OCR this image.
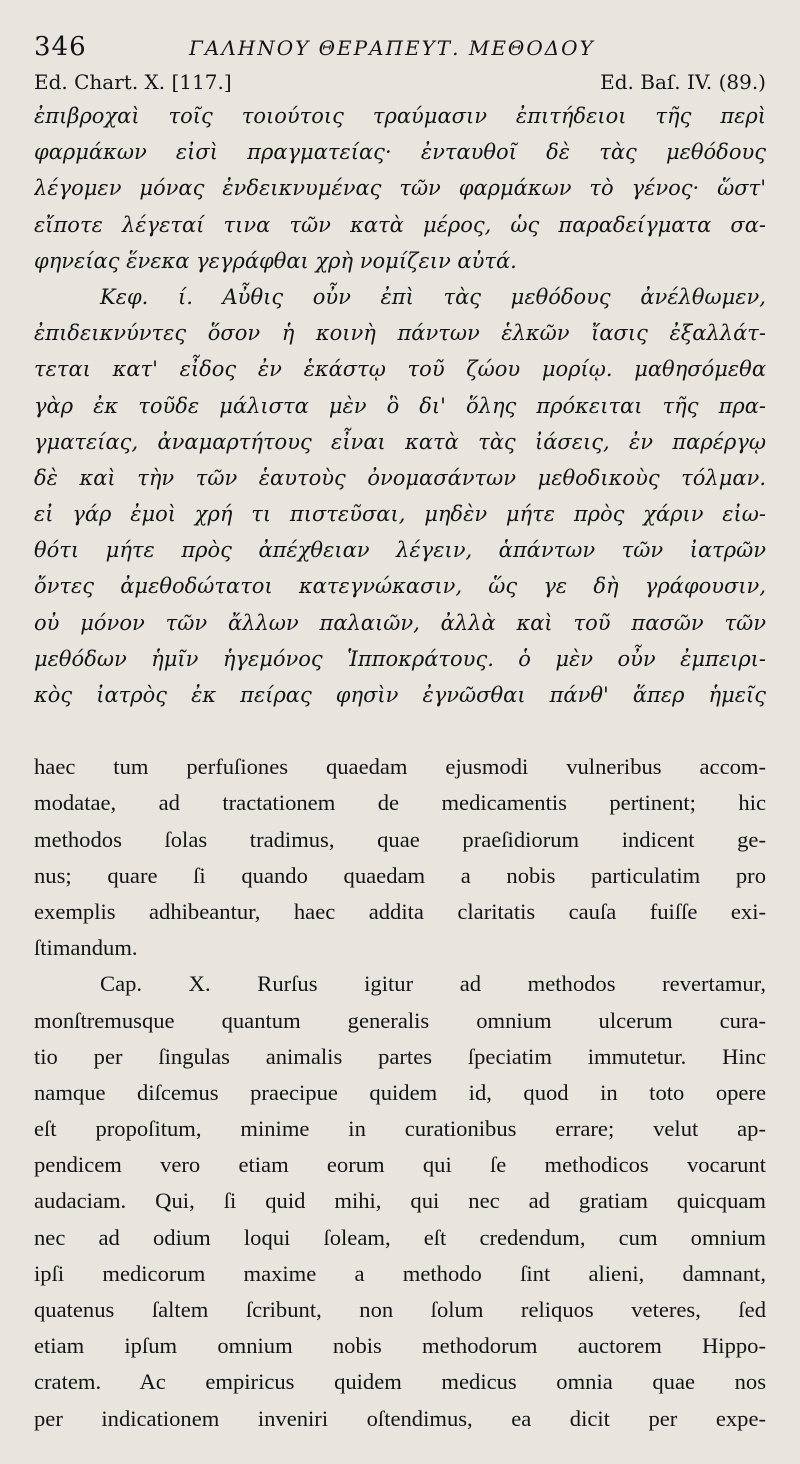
346	ΓΑΛΗΝΟΥ ΘΕΡΑΠΕΥΤ. ΜΕΘΟΔΟΥ
Ed. Chart. X. [117.]	Ed. Baſ. IV. (89.)
ἐπιβροχαὶ τοῖς τοιούτοις τραύμασιν ἐπιτήδειοι τῆς περὶ
φαρμάκων εἰσὶ πραγματείας· ἐνταυθοῖ δὲ τὰς μεθόδους
λέγομεν μόνας ἐνδεικνυμένας τῶν φαρμάκων τὸ γένος· ὥστ'
εἴποτε λέγεταί τινα τῶν κατὰ μέρος, ὡς παραδείγματα σα-
φηνείας ἕνεκα γεγράφθαι χρὴ νομίζειν αὐτά.
Κεφ. ί. Αὖθις οὖν ἐπὶ τὰς μεθόδους ἀνέλθωμεν,
ἐπιδεικνύντες ὅσον ἡ κοινὴ πάντων ἑλκῶν ἴασις ἐξαλλάτ-
τεται κατ' εἶδος ἐν ἑκάστῳ τοῦ ζώου μορίῳ. μαθησόμεθα
γὰρ ἐκ τοῦδε μάλιστα μὲν ὃ δι' ὅλης πρόκειται τῆς πρα-
γματείας, ἀναμαρτήτους εἶναι κατὰ τὰς ἰάσεις, ἐν παρέργῳ
δὲ καὶ τὴν τῶν ἑαυτοὺς ὀνομασάντων μεθοδικοὺς τόλμαν.
εἰ γάρ ἐμοὶ χρή τι πιστεῦσαι, μηδὲν μήτε πρὸς χάριν εἰω-
θότι μήτε πρὸς ἀπέχθειαν λέγειν, ἁπάντων τῶν ἰατρῶν
ὄντες ἀμεθοδώτατοι κατεγνώκασιν, ὥς γε δὴ γράφουσιν,
οὐ μόνον τῶν ἄλλων παλαιῶν, ἀλλὰ καὶ τοῦ πασῶν τῶν
μεθόδων ἡμῖν ἡγεμόνος Ἱπποκράτους. ὁ μὲν οὖν ἐμπειρι-
κὸς ἰατρὸς ἐκ πείρας φησὶν ἐγνῶσθαι πάνθ' ἅπερ ἡμεῖς
haec tum perfuſiones quaedam ejusmodi vulneribus accom-
modatae, ad tractationem de medicamentis pertinent; hic
methodos ſolas tradimus, quae praeſidiorum indicent ge-
nus; quare ſi quando quaedam a nobis particulatim pro
exemplis adhibeantur, haec addita claritatis cauſa fuiſſe exi-
ſtimandum.
Cap. X. Rurſus igitur ad methodos revertamur,
monſtremusque quantum generalis omnium ulcerum cura-
tio per ſingulas animalis partes ſpeciatim immutetur. Hinc
namque diſcemus praecipue quidem id, quod in toto opere
eſt propoſitum, minime in curationibus errare; velut ap-
pendicem vero etiam eorum qui ſe methodicos vocarunt
audaciam. Qui, ſi quid mihi, qui nec ad gratiam quicquam
nec ad odium loqui ſoleam, eſt credendum, cum omnium
ipſi medicorum maxime a methodo ſint alieni, damnant,
quatenus ſaltem ſcribunt, non ſolum reliquos veteres, ſed
etiam ipſum omnium nobis methodorum auctorem Hippo-
cratem. Ac empiricus quidem medicus omnia quae nos
per indicationem inveniri oſtendimus, ea dicit per expe-
